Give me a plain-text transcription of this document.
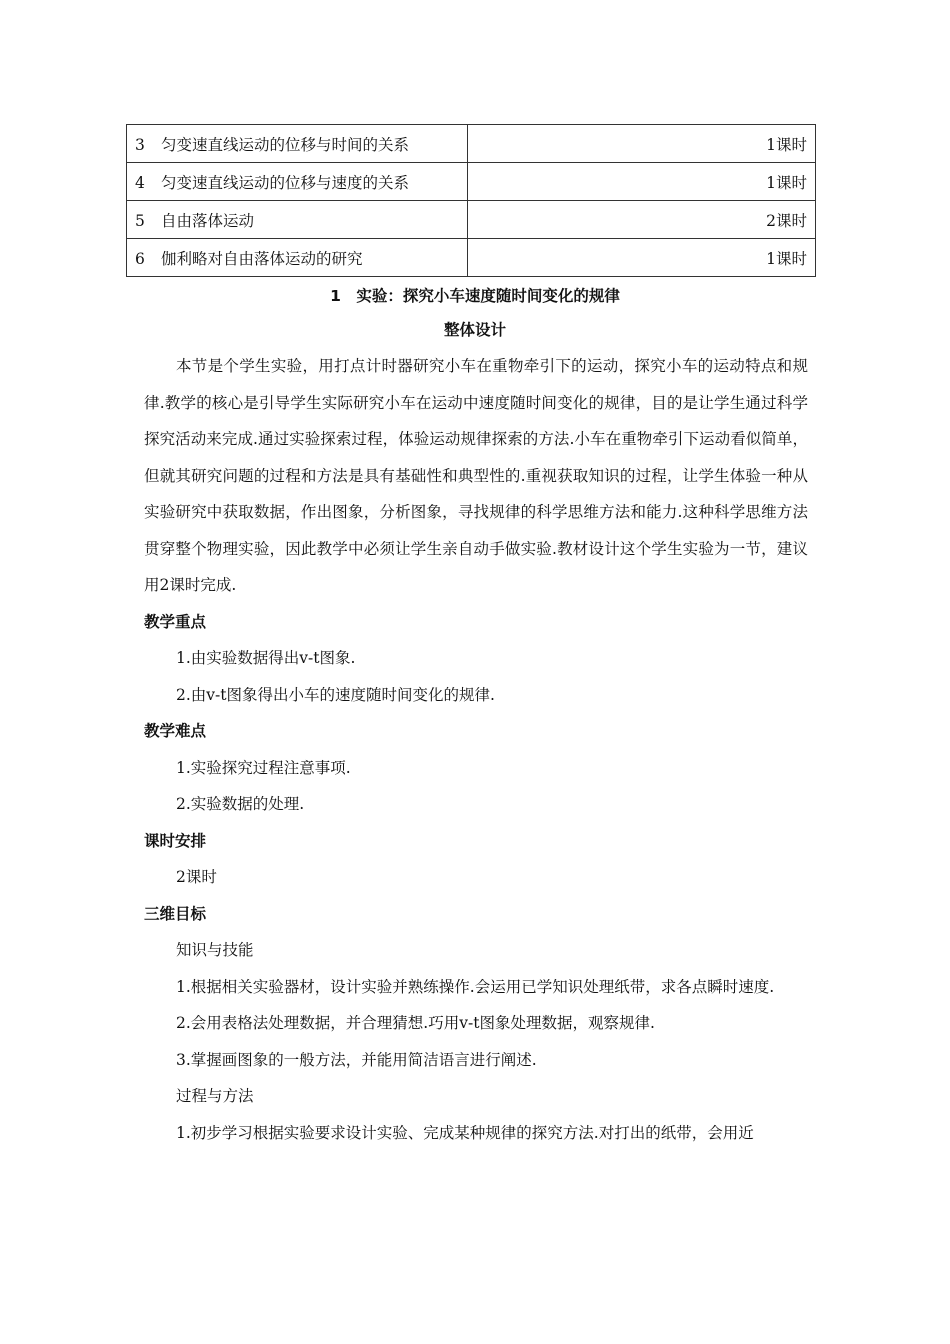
3 匀变速直线运动的位移与时间的关系	1课时
4 匀变速直线运动的位移与速度的关系	1课时
5 自由落体运动	2课时
6 伽利略对自由落体运动的研究	1课时
1　实验：探究小车速度随时间变化的规律
整体设计

本节是个学生实验，用打点计时器研究小车在重物牵引下的运动，探究小车的运动特点和规律.教学的核心是引导学生实际研究小车在运动中速度随时间变化的规律，目的是让学生通过科学探究活动来完成.通过实验探索过程，体验运动规律探索的方法.小车在重物牵引下运动看似简单，但就其研究问题的过程和方法是具有基础性和典型性的.重视获取知识的过程，让学生体验一种从实验研究中获取数据，作出图象，分析图象，寻找规律的科学思维方法和能力.这种科学思维方法贯穿整个物理实验，因此教学中必须让学生亲自动手做实验.教材设计这个学生实验为一节，建议用2课时完成.

教学重点

1.由实验数据得出v-t图象.

2.由v-t图象得出小车的速度随时间变化的规律.

教学难点

1.实验探究过程注意事项.

2.实验数据的处理.

课时安排

2课时

三维目标

知识与技能

1.根据相关实验器材，设计实验并熟练操作.会运用已学知识处理纸带，求各点瞬时速度.

2.会用表格法处理数据，并合理猜想.巧用v-t图象处理数据，观察规律.

3.掌握画图象的一般方法，并能用简洁语言进行阐述.

过程与方法

1.初步学习根据实验要求设计实验、完成某种规律的探究方法.对打出的纸带，会用近
